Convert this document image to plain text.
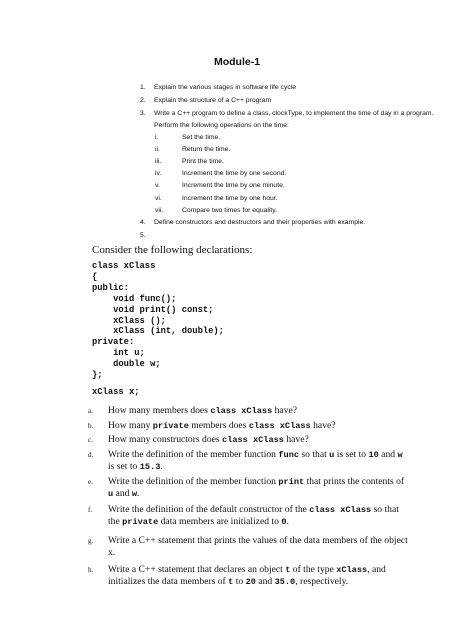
Module-1
1.	Explain the various stages in software life cycle
2.	Explain the structure of a C++ program
3.	Write a C++ program to define a class, clockType, to implement the time of day in a program.
Perform the following operations on the time:
i.	Set the time.
ii.	Return the time.
iii.	Print the time.
iv.	Increment the time by one second.
v.	Increment the time by one minute.
vi.	Increment the time by one hour.
vii.	Compare two times for equality.
4.	Define constructors and destructors and their properties with example.
5.
Consider the following declarations:
class xClass
{
public:
void func();
void print() const;
xClass ();
xClass (int, double);
private:
int u;
double w;
};
xClass x;
a. How many members does class xClass have?
b. How many private members does class xClass have?
c. How many constructors does class xClass have?
d. Write the definition of the member function func so that u is set to 10 and w is set to 15.3.
e. Write the definition of the member function print that prints the contents of u and w.
f. Write the definition of the default constructor of the class xClass so that the private data members are initialized to 0.
g. Write a C++ statement that prints the values of the data members of the object x.
h. Write a C++ statement that declares an object t of the type xClass, and initializes the data members of t to 20 and 35.0, respectively.
